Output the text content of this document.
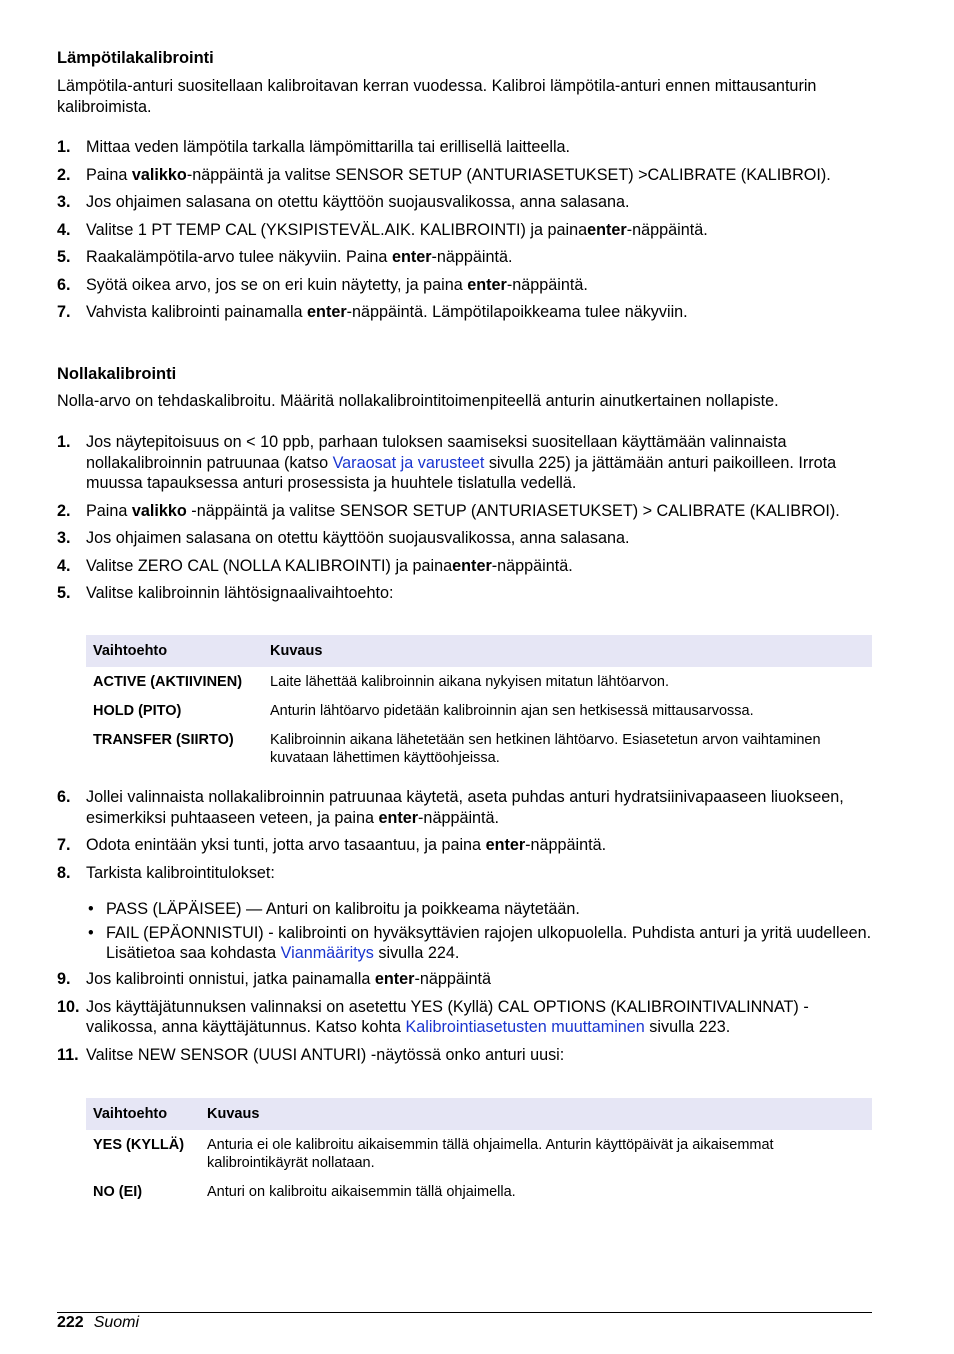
Lämpötilakalibrointi

Lämpötila-anturi suositellaan kalibroitavan kerran vuodessa. Kalibroi lämpötila-anturi ennen mittausanturin kalibroimista.

1. Mittaa veden lämpötila tarkalla lämpömittarilla tai erillisellä laitteella.
2. Paina valikko-näppäintä ja valitse SENSOR SETUP (ANTURIASETUKSET) >CALIBRATE (KALIBROI).
3. Jos ohjaimen salasana on otettu käyttöön suojausvalikossa, anna salasana.
4. Valitse 1 PT TEMP CAL (YKSIPISTEVÄL.AIK. KALIBROINTI) ja painaenter-näppäintä.
5. Raakalämpötila-arvo tulee näkyviin. Paina enter-näppäintä.
6. Syötä oikea arvo, jos se on eri kuin näytetty, ja paina enter-näppäintä.
7. Vahvista kalibrointi painamalla enter-näppäintä. Lämpötilapoikkeama tulee näkyviin.
Nollakalibrointi

Nolla-arvo on tehdaskalibroitu. Määritä nollakalibrointitoimenpiteellä anturin ainutkertainen nollapiste.

1. Jos näytepitoisuus on < 10 ppb, parhaan tuloksen saamiseksi suositellaan käyttämään valinnaista nollakalibroinnin patruunaa (katso Varaosat ja varusteet sivulla 225) ja jättämään anturi paikoilleen. Irrota muussa tapauksessa anturi prosessista ja huuhtele tislatulla vedellä.
2. Paina valikko -näppäintä ja valitse SENSOR SETUP (ANTURIASETUKSET) > CALIBRATE (KALIBROI).
3. Jos ohjaimen salasana on otettu käyttöön suojausvalikossa, anna salasana.
4. Valitse ZERO CAL (NOLLA KALIBROINTI) ja painaenter-näppäintä.
5. Valitse kalibroinnin lähtösignaalivaihtoehto:
Vaihtoehto	Kuvaus
ACTIVE (AKTIIVINEN)	Laite lähettää kalibroinnin aikana nykyisen mitatun lähtöarvon.
HOLD (PITO)	Anturin lähtöarvo pidetään kalibroinnin ajan sen hetkisessä mittausarvossa.
TRANSFER (SIIRTO)	Kalibroinnin aikana lähetetään sen hetkinen lähtöarvo. Esiasetetun arvon vaihtaminen kuvataan lähettimen käyttöohjeissa.
6. Jollei valinnaista nollakalibroinnin patruunaa käytetä, aseta puhdas anturi hydratsiinivapaaseen liuokseen, esimerkiksi puhtaaseen veteen, ja paina enter-näppäintä.
7. Odota enintään yksi tunti, jotta arvo tasaantuu, ja paina enter-näppäintä.
8. Tarkista kalibrointitulokset:
• PASS (LÄPÄISEE) — Anturi on kalibroitu ja poikkeama näytetään.
• FAIL (EPÄONNISTUI) - kalibrointi on hyväksyttävien rajojen ulkopuolella. Puhdista anturi ja yritä uudelleen. Lisätietoa saa kohdasta Vianmääritys sivulla 224.
9. Jos kalibrointi onnistui, jatka painamalla enter-näppäintä
10. Jos käyttäjätunnuksen valinnaksi on asetettu YES (Kyllä) CAL OPTIONS (KALIBROINTIVALINNAT) -valikossa, anna käyttäjätunnus. Katso kohta Kalibrointiasetusten muuttaminen sivulla 223.
11. Valitse NEW SENSOR (UUSI ANTURI) -näytössä onko anturi uusi:
Vaihtoehto	Kuvaus
YES (KYLLÄ)	Anturia ei ole kalibroitu aikaisemmin tällä ohjaimella. Anturin käyttöpäivät ja aikaisemmat kalibrointikäyrät nollataan.
NO (EI)	Anturi on kalibroitu aikaisemmin tällä ohjaimella.
222 Suomi
